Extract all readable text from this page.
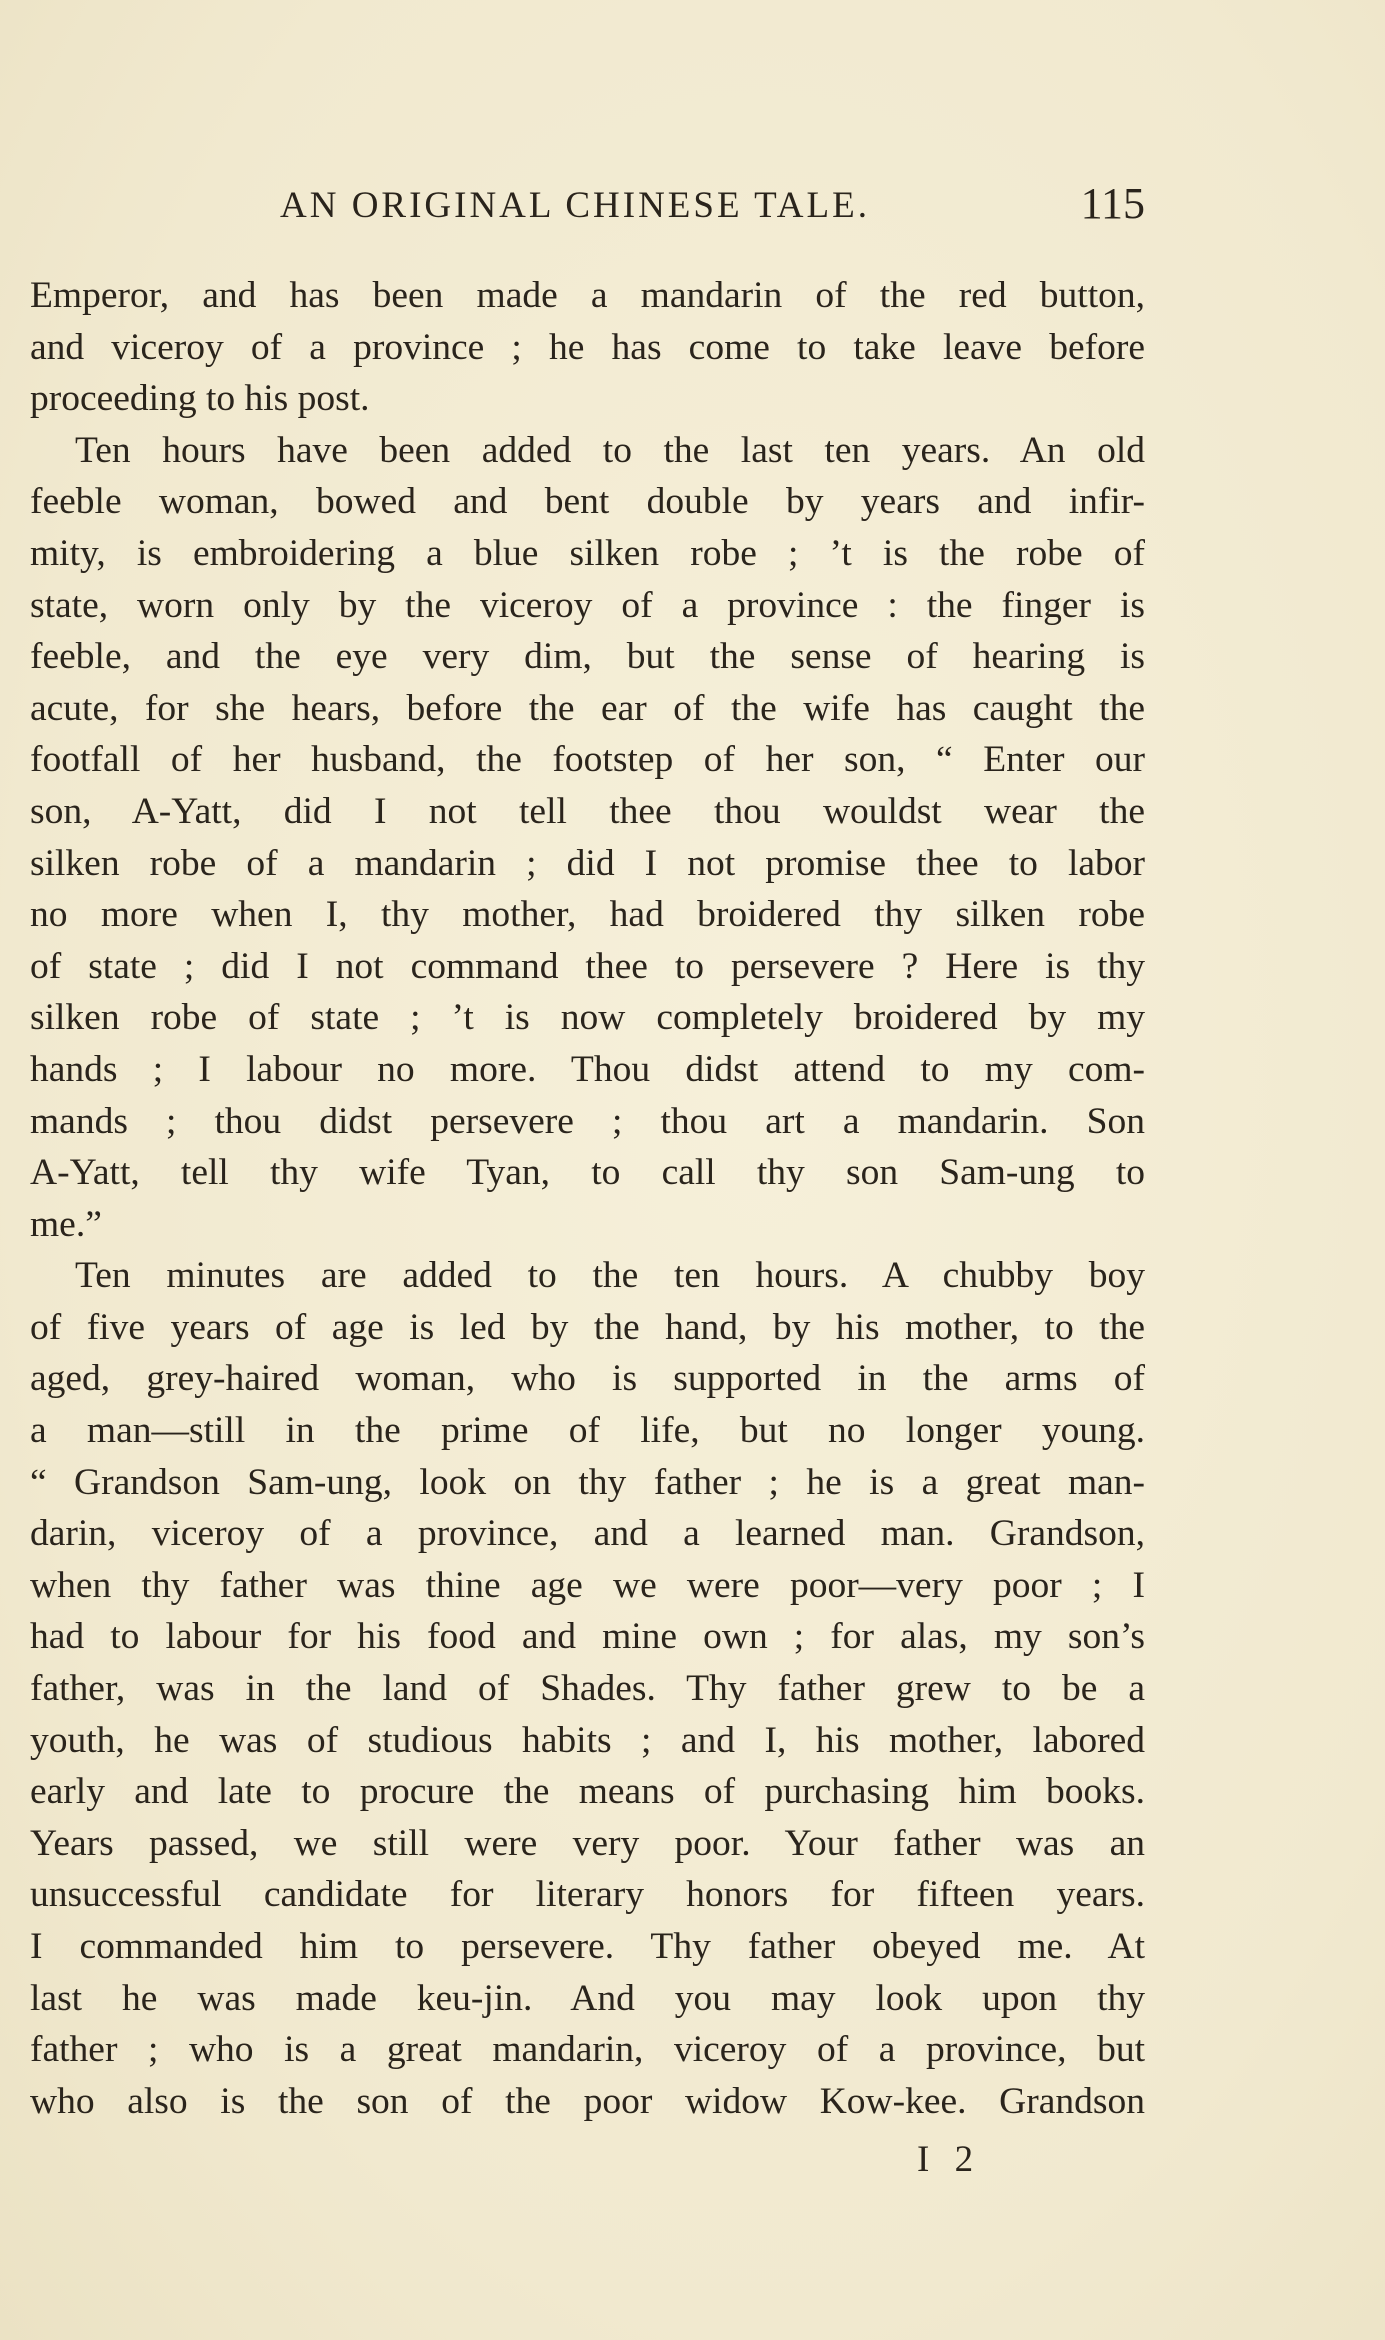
AN ORIGINAL CHINESE TALE.	115
Emperor, and has been made a mandarin of the red button,
and viceroy of a province ; he has come to take leave before
proceeding to his post.
Ten hours have been added to the last ten years. An old
feeble woman, bowed and bent double by years and infir-
mity, is embroidering a blue silken robe ; ’t is the robe of
state, worn only by the viceroy of a province : the finger is
feeble, and the eye very dim, but the sense of hearing is
acute, for she hears, before the ear of the wife has caught the
footfall of her husband, the footstep of her son, “ Enter our
son, A-Yatt, did I not tell thee thou wouldst wear the
silken robe of a mandarin ; did I not promise thee to labor
no more when I, thy mother, had broidered thy silken robe
of state ; did I not command thee to persevere ? Here is thy
silken robe of state ; ’t is now completely broidered by my
hands ; I labour no more. Thou didst attend to my com-
mands ; thou didst persevere ; thou art a mandarin. Son
A-Yatt, tell thy wife Tyan, to call thy son Sam-ung to
me.”
Ten minutes are added to the ten hours. A chubby boy
of five years of age is led by the hand, by his mother, to the
aged, grey-haired woman, who is supported in the arms of
a man—still in the prime of life, but no longer young.
“ Grandson Sam-ung, look on thy father ; he is a great man-
darin, viceroy of a province, and a learned man. Grandson,
when thy father was thine age we were poor—very poor ; I
had to labour for his food and mine own ; for alas, my son’s
father, was in the land of Shades. Thy father grew to be a
youth, he was of studious habits ; and I, his mother, labored
early and late to procure the means of purchasing him books.
Years passed, we still were very poor. Your father was an
unsuccessful candidate for literary honors for fifteen years.
I commanded him to persevere. Thy father obeyed me. At
last he was made keu-jin. And you may look upon thy
father ; who is a great mandarin, viceroy of a province, but
who also is the son of the poor widow Kow-kee. Grandson
I 2
